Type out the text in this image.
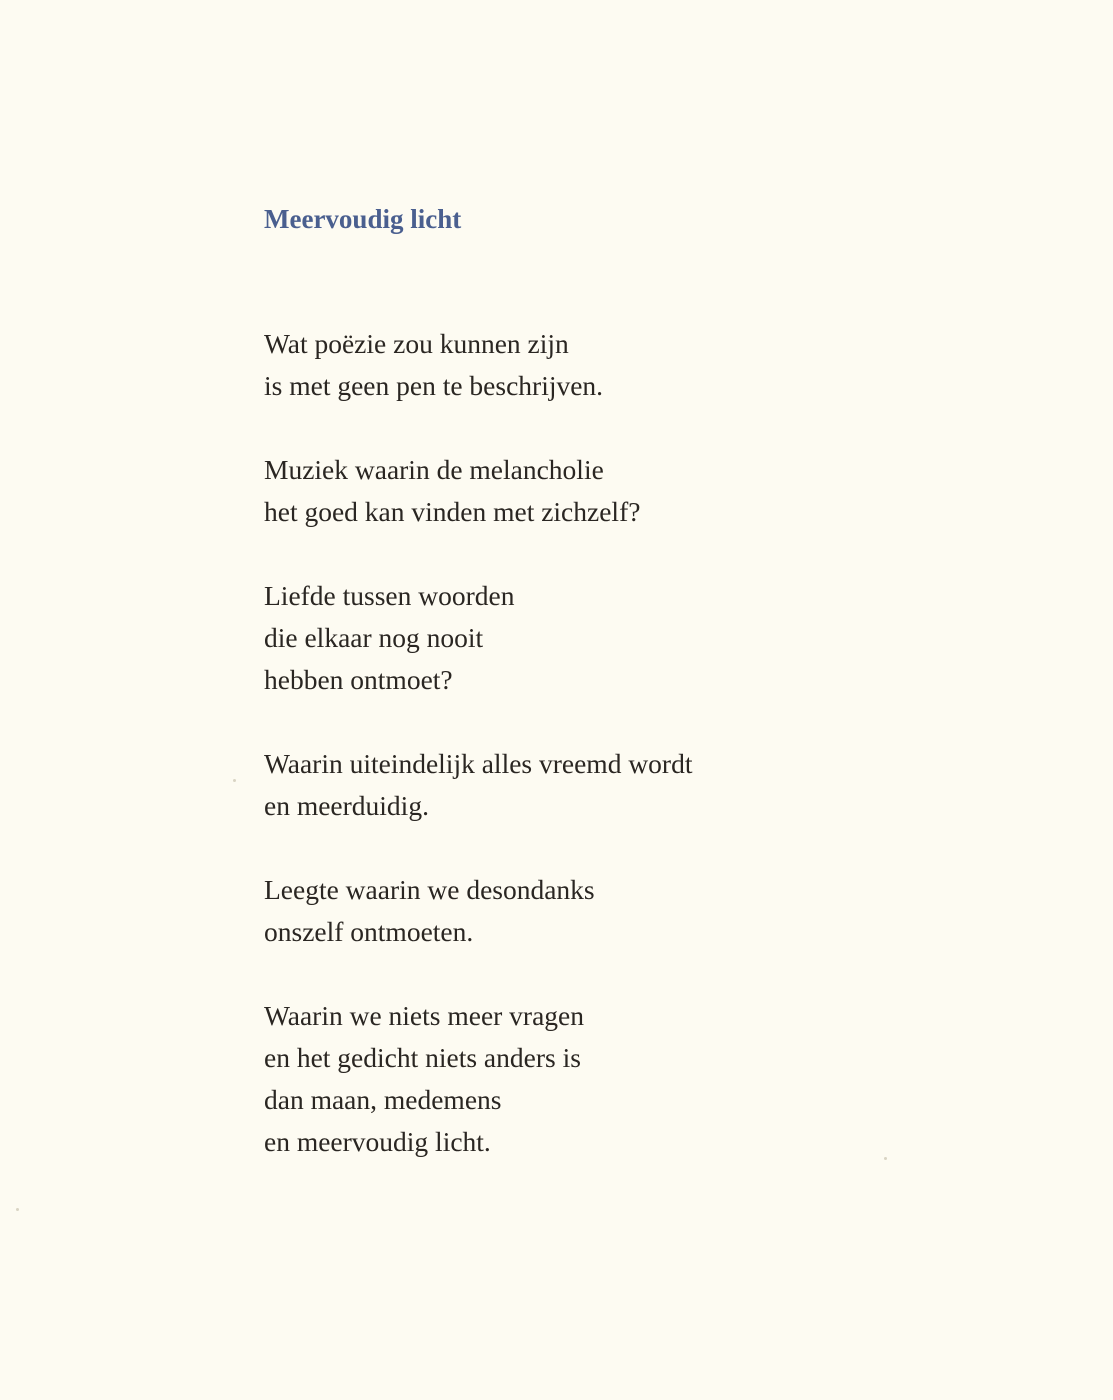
Meervoudig licht
Wat poëzie zou kunnen zijn
is met geen pen te beschrijven.
Muziek waarin de melancholie
het goed kan vinden met zichzelf?
Liefde tussen woorden
die elkaar nog nooit
hebben ontmoet?
Waarin uiteindelijk alles vreemd wordt
en meerduidig.
Leegte waarin we desondanks
onszelf ontmoeten.
Waarin we niets meer vragen
en het gedicht niets anders is
dan maan, medemens
en meervoudig licht.
